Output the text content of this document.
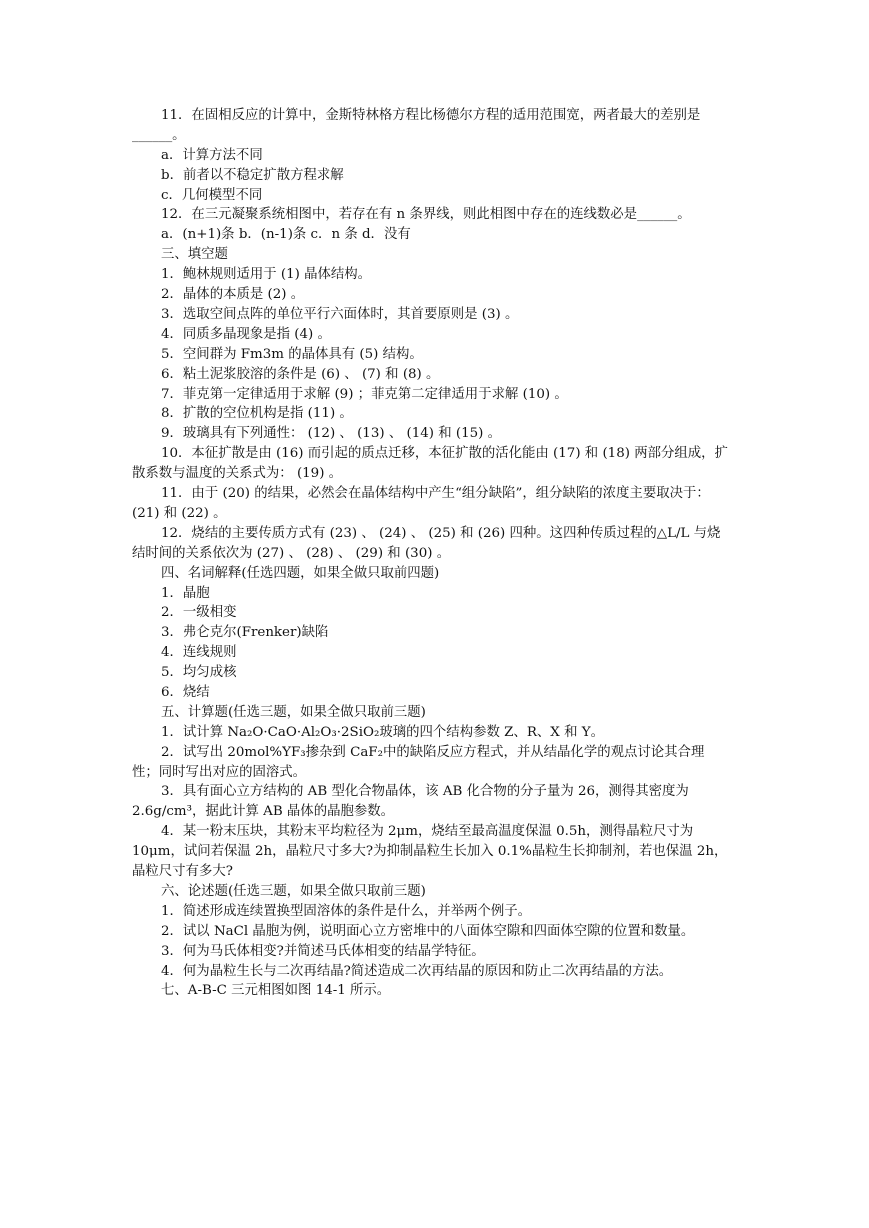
11．在固相反应的计算中，金斯特林格方程比杨德尔方程的适用范围宽，两者最大的差别是______。
a．计算方法不同
b．前者以不稳定扩散方程求解
c．几何模型不同
12．在三元凝聚系统相图中，若存在有 n 条界线，则此相图中存在的连线数必是______。
a．(n+1)条 b．(n-1)条 c．n 条 d．没有
三、填空题
1．鲍林规则适用于 (1) 晶体结构。
2．晶体的本质是 (2) 。
3．选取空间点阵的单位平行六面体时，其首要原则是 (3) 。
4．同质多晶现象是指 (4) 。
5．空间群为 Fm3m 的晶体具有 (5) 结构。
6．粘土泥浆胶溶的条件是 (6) 、 (7) 和 (8) 。
7．菲克第一定律适用于求解 (9) ；菲克第二定律适用于求解 (10) 。
8．扩散的空位机构是指 (11) 。
9．玻璃具有下列通性： (12) 、 (13) 、 (14) 和 (15) 。
10．本征扩散是由 (16) 而引起的质点迁移，本征扩散的活化能由 (17) 和 (18) 两部分组成，扩散系数与温度的关系式为： (19) 。
11．由于 (20) 的结果，必然会在晶体结构中产生“组分缺陷”，组分缺陷的浓度主要取决于： (21) 和 (22) 。
12．烧结的主要传质方式有 (23) 、 (24) 、 (25) 和 (26) 四种。这四种传质过程的△L/L 与烧结时间的关系依次为 (27) 、 (28) 、 (29) 和 (30) 。
四、名词解释(任选四题，如果全做只取前四题)
1．晶胞
2．一级相变
3．弗仑克尔(Frenker)缺陷
4．连线规则
5．均匀成核
6．烧结
五、计算题(任选三题，如果全做只取前三题)
1．试计算 Na₂O·CaO·Al₂O₃·2SiO₂玻璃的四个结构参数 Z、R、X 和 Y。
2．试写出 20mol%YF₃掺杂到 CaF₂中的缺陷反应方程式，并从结晶化学的观点讨论其合理性；同时写出对应的固溶式。
3．具有面心立方结构的 AB 型化合物晶体，该 AB 化合物的分子量为 26，测得其密度为 2.6g/cm³，据此计算 AB 晶体的晶胞参数。
4．某一粉末压块，其粉末平均粒径为 2μm，烧结至最高温度保温 0.5h，测得晶粒尺寸为 10μm，试问若保温 2h，晶粒尺寸多大?为抑制晶粒生长加入 0.1%晶粒生长抑制剂，若也保温 2h，晶粒尺寸有多大?
六、论述题(任选三题，如果全做只取前三题)
1．简述形成连续置换型固溶体的条件是什么，并举两个例子。
2．试以 NaCl 晶胞为例，说明面心立方密堆中的八面体空隙和四面体空隙的位置和数量。
3．何为马氏体相变?并简述马氏体相变的结晶学特征。
4．何为晶粒生长与二次再结晶?简述造成二次再结晶的原因和防止二次再结晶的方法。
七、A-B-C 三元相图如图 14-1 所示。
